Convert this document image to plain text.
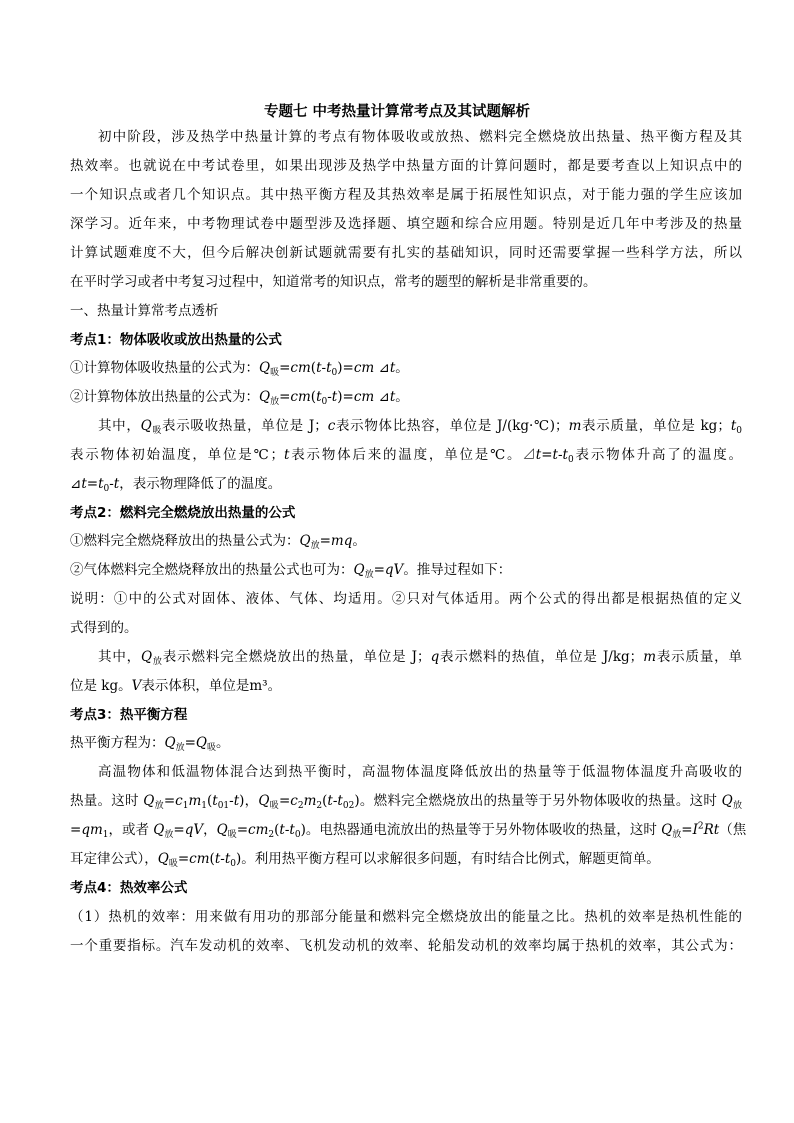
专题七 中考热量计算常考点及其试题解析
初中阶段，涉及热学中热量计算的考点有物体吸收或放热、燃料完全燃烧放出热量、热平衡方程及其
热效率。也就说在中考试卷里，如果出现涉及热学中热量方面的计算问题时，都是要考查以上知识点中的
一个知识点或者几个知识点。其中热平衡方程及其热效率是属于拓展性知识点，对于能力强的学生应该加
深学习。近年来，中考物理试卷中题型涉及选择题、填空题和综合应用题。特别是近几年中考涉及的热量
计算试题难度不大，但今后解决创新试题就需要有扎实的基础知识，同时还需要掌握一些科学方法，所以
在平时学习或者中考复习过程中，知道常考的知识点，常考的题型的解析是非常重要的。
一、热量计算常考点透析
考点1：物体吸收或放出热量的公式
①计算物体吸收热量的公式为：$Q_吸=cm(t-t_0)=cm$ ⊿t。
②计算物体放出热量的公式为：$Q_放=cm(t_0-t)=cm$ ⊿t。
其中，$Q_吸$表示吸收热量，单位是 J；c表示物体比热容，单位是 J/(kg·℃)；m表示质量，单位是 kg；$t_0$
表示物体初始温度，单位是℃；t表示物体后来的温度，单位是℃。$⊿t=t-t_0$表示物体升高了的温度。
$⊿t=t_0-t$，表示物理降低了的温度。
考点2：燃料完全燃烧放出热量的公式
①燃料完全燃烧释放出的热量公式为：$Q_放=mq$。
②气体燃料完全燃烧释放出的热量公式也可为：$Q_放=qV$。推导过程如下：
说明：①中的公式对固体、液体、气体、均适用。②只对气体适用。两个公式的得出都是根据热值的定义
式得到的。
其中，$Q_放$表示燃料完全燃烧放出的热量，单位是 J；q表示燃料的热值，单位是 J/kg；m表示质量，单
位是 kg。V表示体积，单位是m³。
考点3：热平衡方程
热平衡方程为：$Q_放=Q_吸$。
高温物体和低温物体混合达到热平衡时，高温物体温度降低放出的热量等于低温物体温度升高吸收的
热量。这时 $Q_放=c_1m_1(t_{01}-t)$，$Q_吸=c_2m_2(t-t_{02})$。燃料完全燃烧放出的热量等于另外物体吸收的热量。这时 $Q_放$
$=qm_1$，或者 $Q_放=qV$，$Q_吸=cm_2(t-t_0)$。电热器通电流放出的热量等于另外物体吸收的热量，这时 $Q_放=I^2Rt$（焦
耳定律公式），$Q_吸=cm(t-t_0)$。利用热平衡方程可以求解很多问题，有时结合比例式，解题更简单。
考点4：热效率公式
（1）热机的效率：用来做有用功的那部分能量和燃料完全燃烧放出的能量之比。热机的效率是热机性能的
一个重要指标。汽车发动机的效率、飞机发动机的效率、轮船发动机的效率均属于热机的效率，其公式为：
